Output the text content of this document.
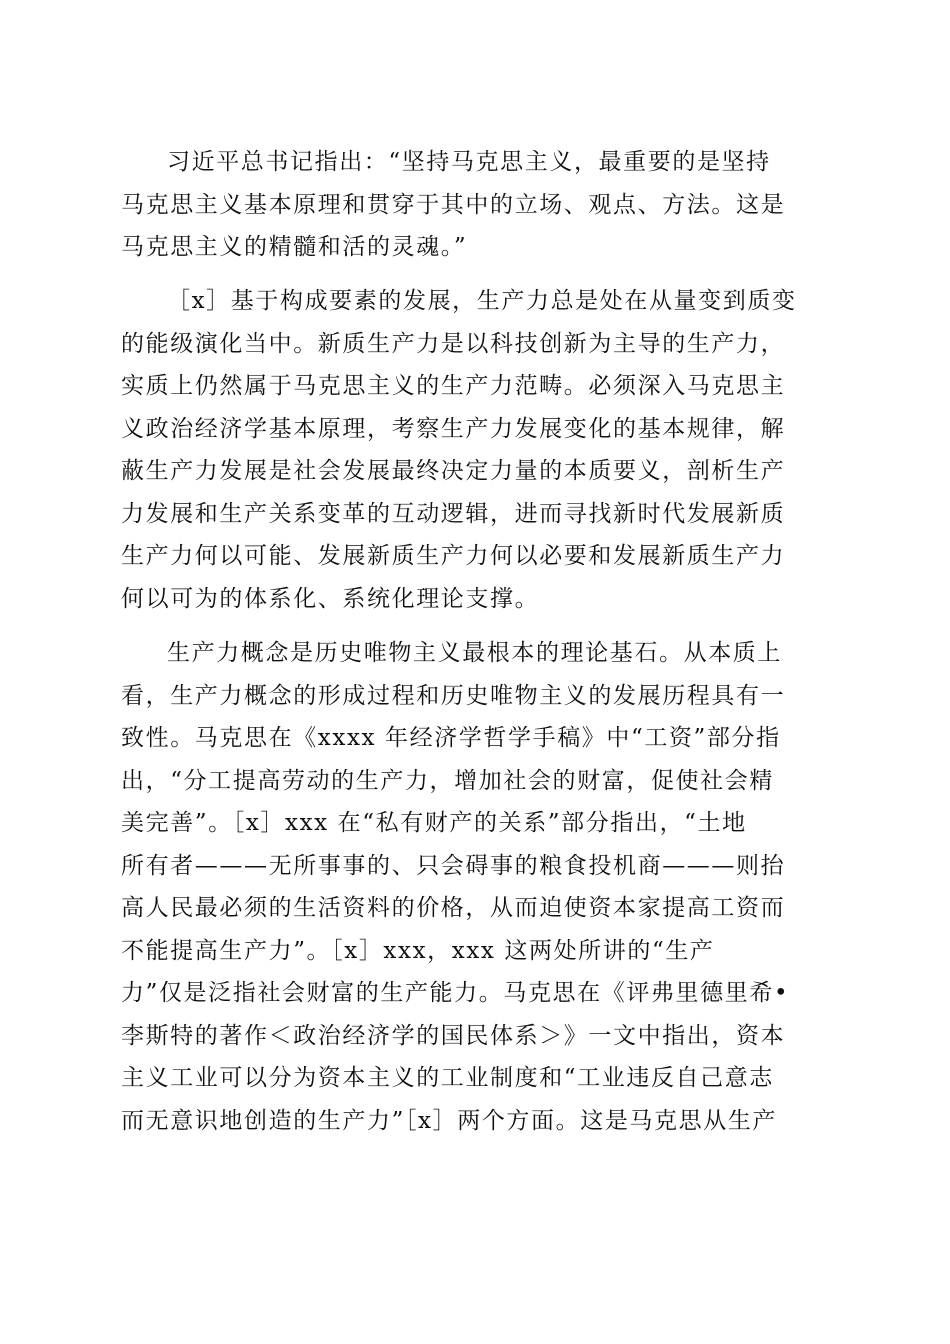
习近平总书记指出：“坚持马克思主义，最重要的是坚持
马克思主义基本原理和贯穿于其中的立场、观点、方法。这是
马克思主义的精髓和活的灵魂。”
［x］基于构成要素的发展，生产力总是处在从量变到质变
的能级演化当中。新质生产力是以科技创新为主导的生产力，
实质上仍然属于马克思主义的生产力范畴。必须深入马克思主
义政治经济学基本原理，考察生产力发展变化的基本规律，解
蔽生产力发展是社会发展最终决定力量的本质要义，剖析生产
力发展和生产关系变革的互动逻辑，进而寻找新时代发展新质
生产力何以可能、发展新质生产力何以必要和发展新质生产力
何以可为的体系化、系统化理论支撑。
生产力概念是历史唯物主义最根本的理论基石。从本质上
看，生产力概念的形成过程和历史唯物主义的发展历程具有一
致性。马克思在《xxxx 年经济学哲学手稿》中“工资”部分指
出，“分工提高劳动的生产力，增加社会的财富，促使社会精
美完善”。［x］xxx 在“私有财产的关系”部分指出，“土地
所有者———无所事事的、只会碍事的粮食投机商———则抬
高人民最必须的生活资料的价格，从而迫使资本家提高工资而
不能提高生产力”。［x］xxx，xxx 这两处所讲的“生产
力”仅是泛指社会财富的生产能力。马克思在《评弗里德里希•
李斯特的著作＜政治经济学的国民体系＞》一文中指出，资本
主义工业可以分为资本主义的工业制度和“工业违反自己意志
而无意识地创造的生产力”［x］两个方面。这是马克思从生产
